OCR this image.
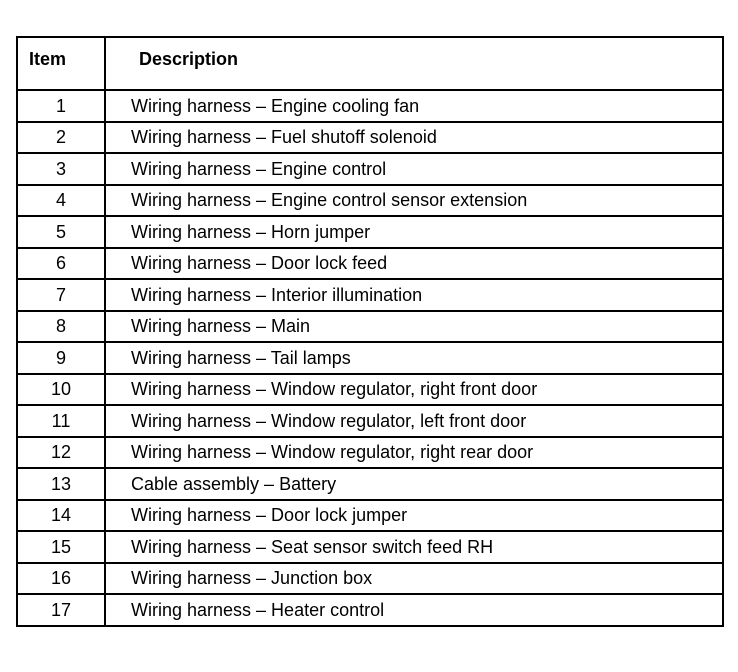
Item	Description

1	Wiring harness – Engine cooling fan

2	Wiring harness – Fuel shutoff solenoid

3	Wiring harness – Engine control

4	Wiring harness – Engine control sensor extension

5	Wiring harness – Horn jumper

6	Wiring harness – Door lock feed

7	Wiring harness – Interior illumination

8	Wiring harness – Main

9	Wiring harness – Tail lamps

10	Wiring harness – Window regulator, right front door

11	Wiring harness – Window regulator, left front door

12	Wiring harness – Window regulator, right rear door

13	Cable assembly – Battery

14	Wiring harness – Door lock jumper

15	Wiring harness – Seat sensor switch feed RH

16	Wiring harness – Junction box

17	Wiring harness – Heater control
